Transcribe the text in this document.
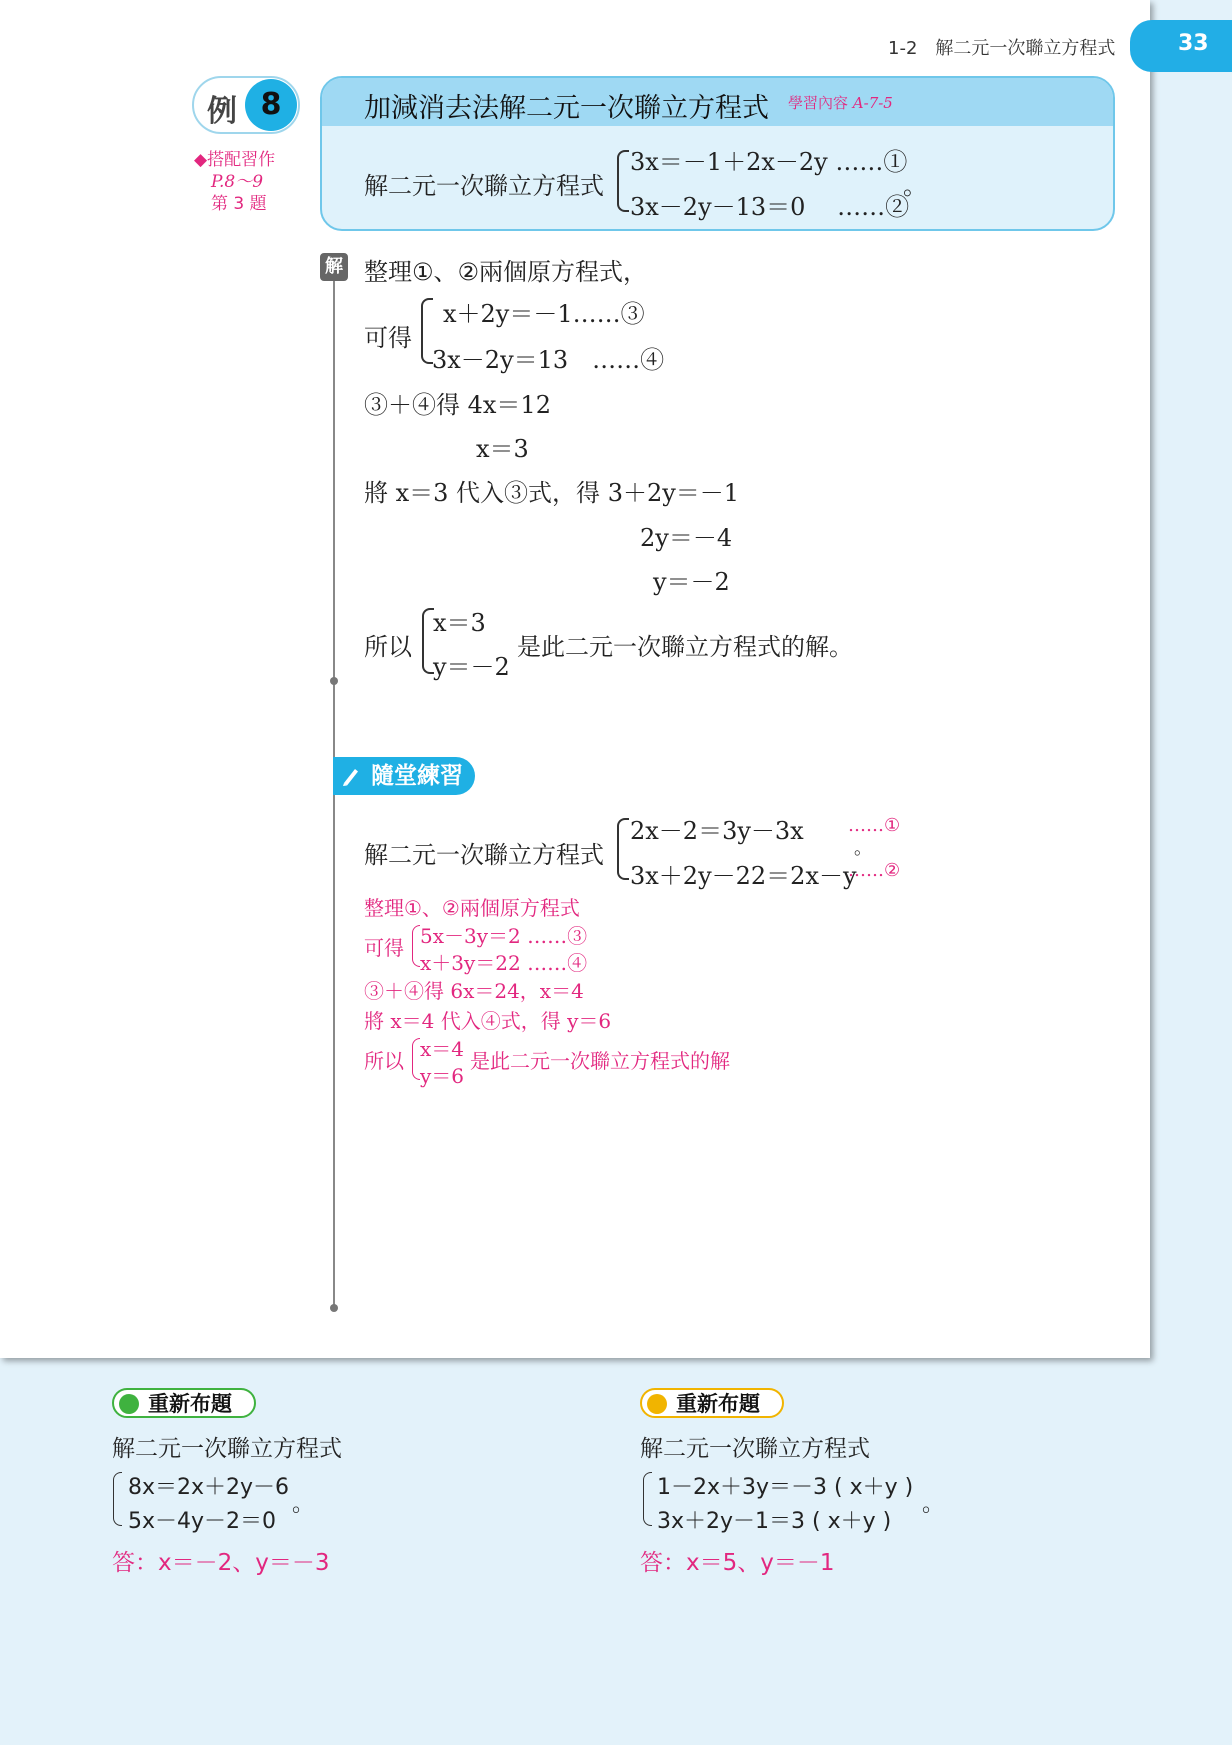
1-2　解二元一次聯立方程式	33
例 8
◆搭配習作
P.8～9
第 3 題
加減消去法解二元一次聯立方程式 學習內容 A-7-5
解二元一次聯立方程式
3x＝－1＋2x－2y ……①
3x－2y－13＝0　 ……②
。
解 整理①、②兩個原方程式，
可得
x＋2y＝－1……③
3x－2y＝13　……④
③＋④得 4x＝12
x＝3
將 x＝3 代入③式，得 3＋2y＝－1
2y＝－4
y＝－2
所以
x＝3
y＝－2
是此二元一次聯立方程式的解。
隨堂練習
解二元一次聯立方程式
2x－2＝3y－3x ……①
3x＋2y－22＝2x－y
……②
。
整理①、②兩個原方程式
可得 5x－3y＝2 ……③
x＋3y＝22 ……④
③＋④得 6x＝24，x＝4
將 x＝4 代入④式，得 y＝6
所以 x＝4
y＝6
是此二元一次聯立方程式的解
重新布題
解二元一次聯立方程式
8x＝2x＋2y－6
5x－4y－2＝0
。
答：x＝－2、y＝－3
重新布題
解二元一次聯立方程式
1－2x＋3y＝－3 ( x＋y )
3x＋2y－1＝3 ( x＋y )
。
答：x＝5、y＝－1
